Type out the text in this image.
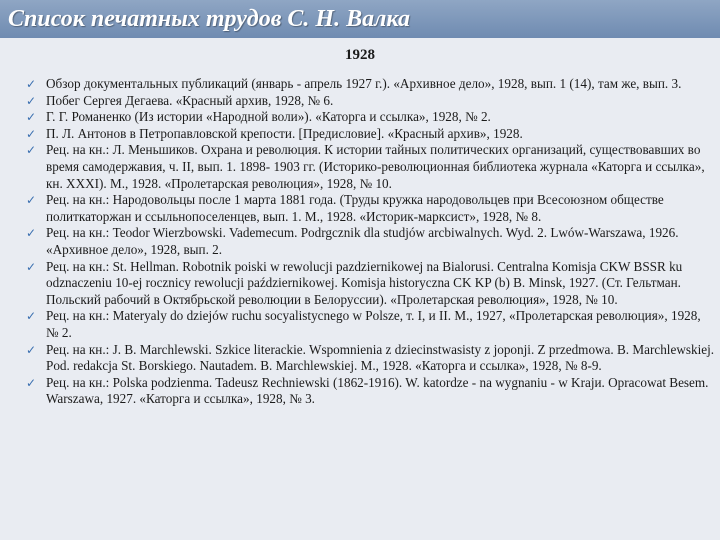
Список печатных трудов С. Н. Валка
1928
✓ Обзор документальных публикаций (январь - апрель 1927 г.). «Архивное дело», 1928, вып. 1 (14), там же, вып. 3.
✓ Побег Сергея Дегаева. «Красный архив, 1928, № 6.
✓ Г. Г. Романенко (Из истории «Народной воли»). «Каторга и ссылка», 1928, № 2.
✓ П. Л. Антонов в Петропавловской крепости. [Предисловие]. «Красный архив», 1928.
✓ Рец. на кн.: Л. Меньшиков. Охрана и революция. К истории тайных политических организаций, существовавших во время самодержавия, ч. II, вып. 1. 1898- 1903 гг. (Историко-революционная библиотека журнала «Каторга и ссылка», кн. XXXI). М., 1928. «Пролетарская революция», 1928, № 10.
✓ Рец. на кн.: Народовольцы после 1 марта 1881 года. (Труды кружка народовольцев при Всесоюзном обществе политкаторжан и ссыльнопоселенцев, вып. 1. М., 1928. «Историк-марксист», 1928, № 8.
✓ Рец. на кн.: Teodor Wierzbowski. Vademecum. Podrgcznik dla studjów arcbiwalnych. Wyd. 2. Lwów-Warszawa, 1926. «Архивное дело», 1928, вып. 2.
✓ Рец. на кн.: St. Hellman. Robotnik poiski w rewolucji pazdziernikowej na Bialorusi. Centralna Komisja CKW BSSR ku odznaczeniu 10-ej rocznicy rewolucji październikowej. Komisja historyczna CK KP (b) B. Minsk, 1927. (Ст. Гельтман. Польский рабочий в Октябрьской революции в Белоруссии). «Пролетарская революция», 1928, № 10.
✓ Рец. на кн.: Materyaly do dziejów ruchu socyalistycnego w Polsze, т. I, и II. М., 1927, «Пролетарская революция», 1928, № 2.
✓ Рец. на кн.: J. B. Marchlewski. Szkice literackie. Wspomnienia z dziecinstwasisty z joponji. Z przedmowa. B. Marchlewskiej. Pod. redakcja St. Borskiego. Nautadem. B. Marchlewskiej. M., 1928. «Каторга и ссылка», 1928, № 8-9.
✓ Рец. на кн.: Polska podzienma. Tadeusz Rechniewski (1862-1916). W. katordze - na wygnaniu - w Krajи. Opracowat Besem. Warszawa, 1927. «Каторга и ссылка», 1928, № 3.
